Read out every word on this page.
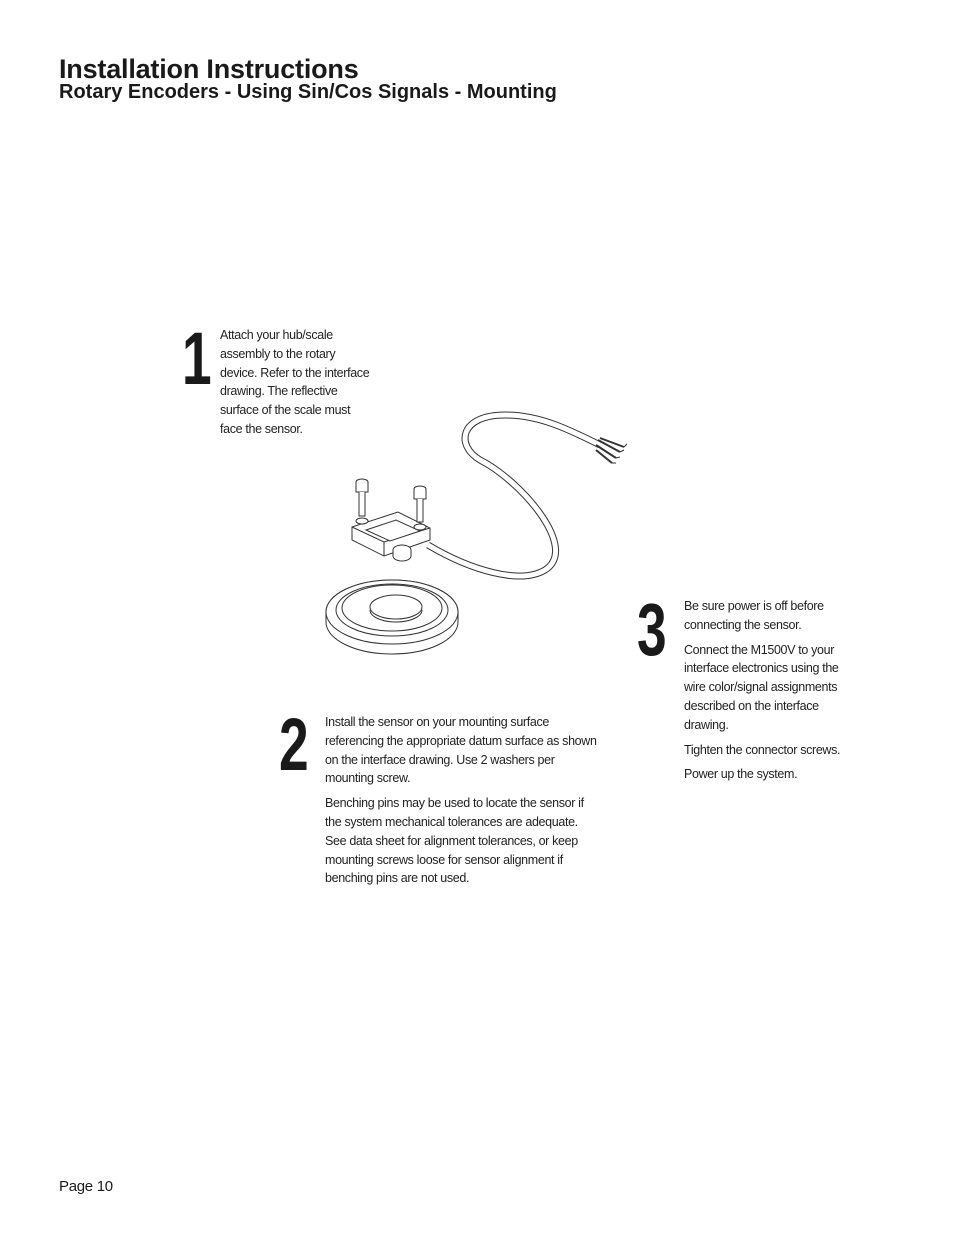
Installation Instructions
Rotary Encoders - Using Sin/Cos Signals - Mounting
1 Attach your hub/scale assembly to the rotary device. Refer to the interface drawing. The reflective surface of the scale must face the sensor.

2 Install the sensor on your mounting surface referencing the appropriate datum surface as shown on the interface drawing. Use 2 washers per mounting screw.

Benching pins may be used to locate the sensor if the system mechanical tolerances are adequate. See data sheet for alignment tolerances, or keep mounting screws loose for sensor alignment if benching pins are not used.

3 Be sure power is off before connecting the sensor.

Connect the M1500V to your interface electronics using the wire color/signal assignments described on the interface drawing.

Tighten the connector screws.

Power up the system.

Page 10
